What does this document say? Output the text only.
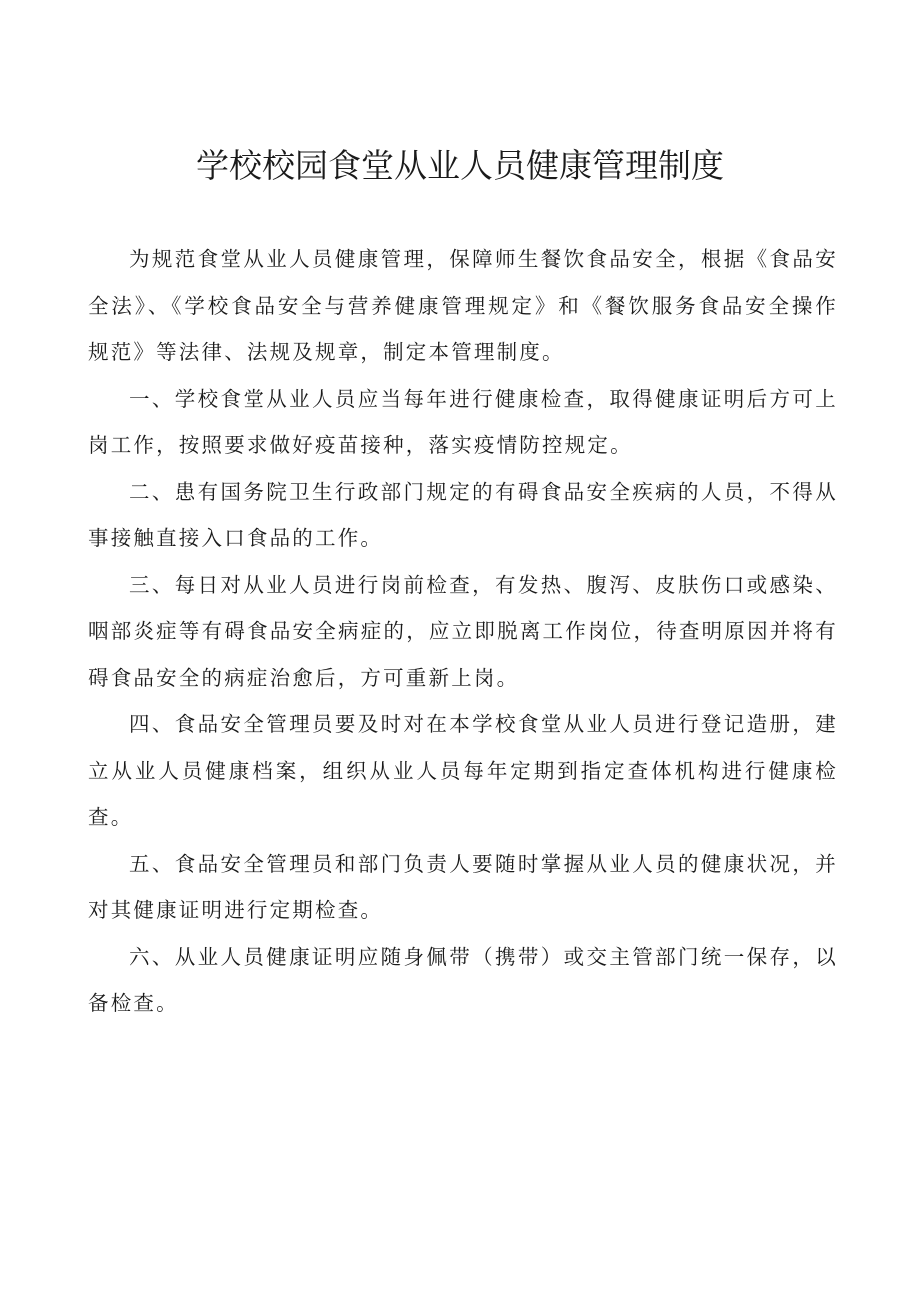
学校校园食堂从业人员健康管理制度

为规范食堂从业人员健康管理，保障师生餐饮食品安全，根据《食品安全法》、《学校食品安全与营养健康管理规定》和《餐饮服务食品安全操作规范》等法律、法规及规章，制定本管理制度。

一、学校食堂从业人员应当每年进行健康检查，取得健康证明后方可上岗工作，按照要求做好疫苗接种，落实疫情防控规定。

二、患有国务院卫生行政部门规定的有碍食品安全疾病的人员，不得从事接触直接入口食品的工作。

三、每日对从业人员进行岗前检查，有发热、腹泻、皮肤伤口或感染、咽部炎症等有碍食品安全病症的，应立即脱离工作岗位，待查明原因并将有碍食品安全的病症治愈后，方可重新上岗。

四、食品安全管理员要及时对在本学校食堂从业人员进行登记造册，建立从业人员健康档案，组织从业人员每年定期到指定查体机构进行健康检查。

五、食品安全管理员和部门负责人要随时掌握从业人员的健康状况，并对其健康证明进行定期检查。

六、从业人员健康证明应随身佩带（携带）或交主管部门统一保存，以备检查。
